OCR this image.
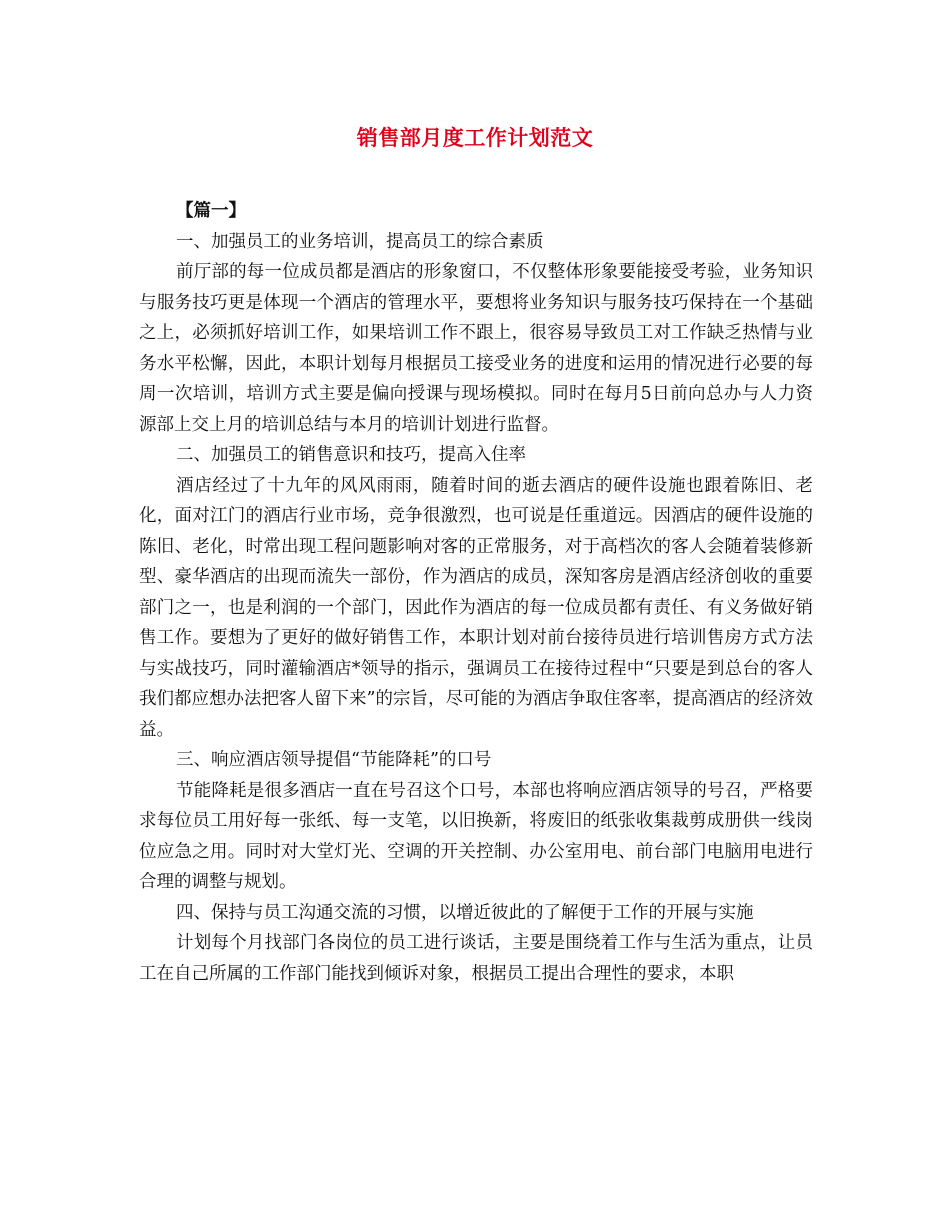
销售部月度工作计划范文
【篇一】
一、加强员工的业务培训，提高员工的综合素质
前厅部的每一位成员都是酒店的形象窗口，不仅整体形象要能接受考验，业务知识与服务技巧更是体现一个酒店的管理水平，要想将业务知识与服务技巧保持在一个基础之上，必须抓好培训工作，如果培训工作不跟上，很容易导致员工对工作缺乏热情与业务水平松懈，因此，本职计划每月根据员工接受业务的进度和运用的情况进行必要的每周一次培训，培训方式主要是偏向授课与现场模拟。同时在每月5日前向总办与人力资源部上交上月的培训总结与本月的培训计划进行监督。
二、加强员工的销售意识和技巧，提高入住率
酒店经过了十九年的风风雨雨，随着时间的逝去酒店的硬件设施也跟着陈旧、老化，面对江门的酒店行业市场，竞争很激烈，也可说是任重道远。因酒店的硬件设施的陈旧、老化，时常出现工程问题影响对客的正常服务，对于高档次的客人会随着装修新型、豪华酒店的出现而流失一部份，作为酒店的成员，深知客房是酒店经济创收的重要部门之一，也是利润的一个部门，因此作为酒店的每一位成员都有责任、有义务做好销售工作。要想为了更好的做好销售工作，本职计划对前台接待员进行培训售房方式方法与实战技巧，同时灌输酒店*领导的指示，强调员工在接待过程中“只要是到总台的客人我们都应想办法把客人留下来”的宗旨，尽可能的为酒店争取住客率，提高酒店的经济效益。
三、响应酒店领导提倡“节能降耗”的口号
节能降耗是很多酒店一直在号召这个口号，本部也将响应酒店领导的号召，严格要求每位员工用好每一张纸、每一支笔，以旧换新，将废旧的纸张收集裁剪成册供一线岗位应急之用。同时对大堂灯光、空调的开关控制、办公室用电、前台部门电脑用电进行合理的调整与规划。
四、保持与员工沟通交流的习惯，以增近彼此的了解便于工作的开展与实施
计划每个月找部门各岗位的员工进行谈话，主要是围绕着工作与生活为重点，让员工在自己所属的工作部门能找到倾诉对象，根据员工提出合理性的要求，本职
